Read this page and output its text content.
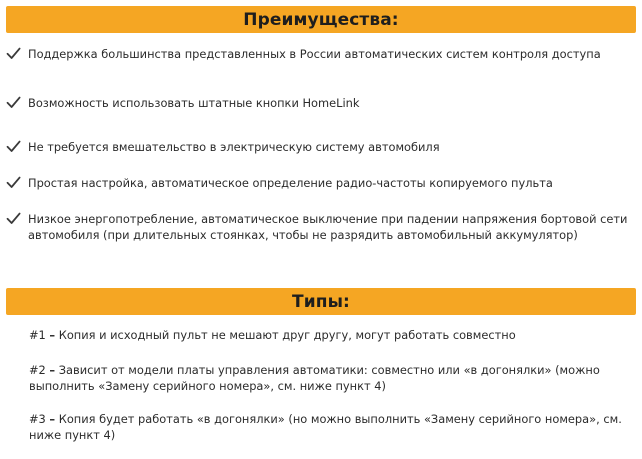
Преимущества:
Поддержка большинства представленных в России автоматических систем контроля доступа
Возможность использовать штатные кнопки HomeLink
Не требуется вмешательство в электрическую систему автомобиля
Простая настройка, автоматическое определение радио-частоты копируемого пульта
Низкое энергопотребление, автоматическое выключение при падении напряжения бортовой сети автомобиля (при длительных стоянках, чтобы не разрядить автомобильный аккумулятор)
Типы:
#1 – Копия и исходный пульт не мешают друг другу, могут работать совместно
#2 – Зависит от модели платы управления автоматики: совместно или «в догонялки» (можно выполнить «Замену серийного номера», см. ниже пункт 4)
#3 – Копия будет работать «в догонялки» (но можно выполнить «Замену серийного номера», см. ниже пункт 4)
